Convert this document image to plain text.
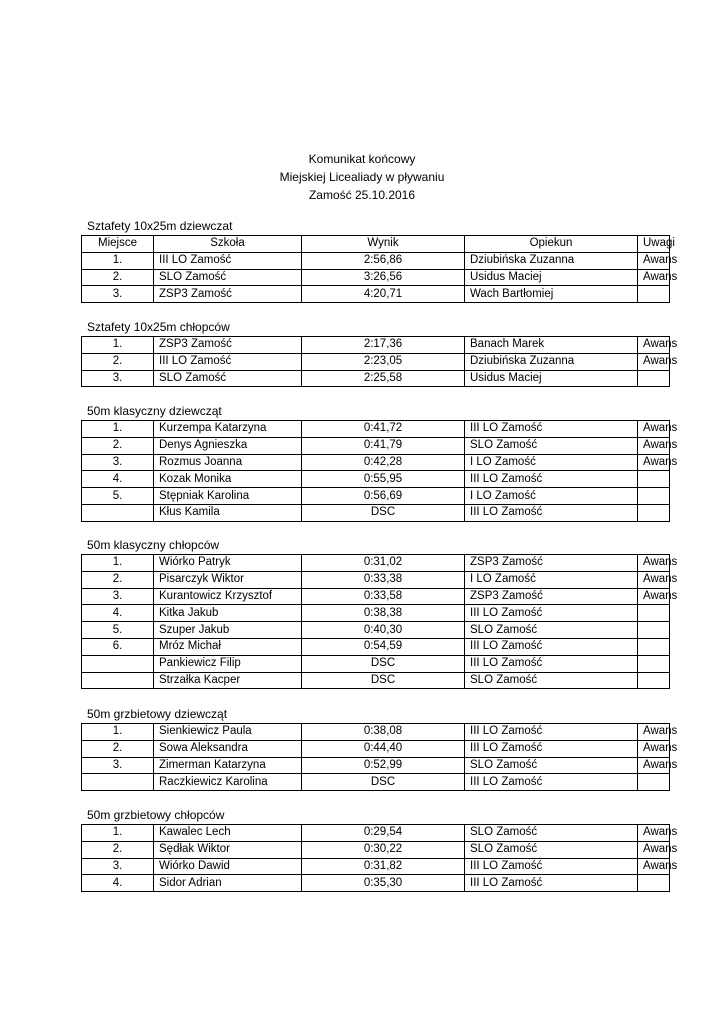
Komunikat końcowy
Miejskiej Licealiady w pływaniu
Zamość 25.10.2016
Sztafety 10x25m dziewczat
Miejsce	Szkoła	Wynik	Opiekun	Uwagi
1.	III LO Zamość	2:56,86	Dziubińska Zuzanna	Awans
2.	SLO Zamość	3:26,56	Usidus Maciej	Awans
3.	ZSP3 Zamość	4:20,71	Wach Bartłomiej	
Sztafety 10x25m chłopców
1.	ZSP3 Zamość	2:17,36	Banach Marek	Awans
2.	III LO Zamość	2:23,05	Dziubińska Zuzanna	Awans
3.	SLO Zamość	2:25,58	Usidus Maciej	
50m klasyczny dziewcząt
1.	Kurzempa Katarzyna	0:41,72	III LO Zamość	Awans
2.	Denys Agnieszka	0:41,79	SLO Zamość	Awans
3.	Rozmus Joanna	0:42,28	I LO Zamość	Awans
4.	Kozak Monika	0:55,95	III LO Zamość	
5.	Stępniak Karolina	0:56,69	I LO Zamość	
	Kłus Kamila	DSC	III LO Zamość	
50m klasyczny chłopców
1.	Wiórko Patryk	0:31,02	ZSP3 Zamość	Awans
2.	Pisarczyk Wiktor	0:33,38	I LO Zamość	Awans
3.	Kurantowicz Krzysztof	0:33,58	ZSP3 Zamość	Awans
4.	Kitka Jakub	0:38,38	III LO Zamość	
5.	Szuper Jakub	0:40,30	SLO Zamość	
6.	Mróz Michał	0:54,59	III LO Zamość	
	Pankiewicz Filip	DSC	III LO Zamość	
	Strzałka Kacper	DSC	SLO Zamość	
50m grzbietowy dziewcząt
1.	Sienkiewicz Paula	0:38,08	III LO Zamość	Awans
2.	Sowa Aleksandra	0:44,40	III LO Zamość	Awans
3.	Zimerman Katarzyna	0:52,99	SLO Zamość	Awans
	Raczkiewicz Karolina	DSC	III LO Zamość	
50m grzbietowy chłopców
1.	Kawalec Lech	0:29,54	SLO Zamość	Awans
2.	Sędłak Wiktor	0:30,22	SLO Zamość	Awans
3.	Wiórko Dawid	0:31,82	III LO Zamość	Awans
4.	Sidor Adrian	0:35,30	III LO Zamość	
